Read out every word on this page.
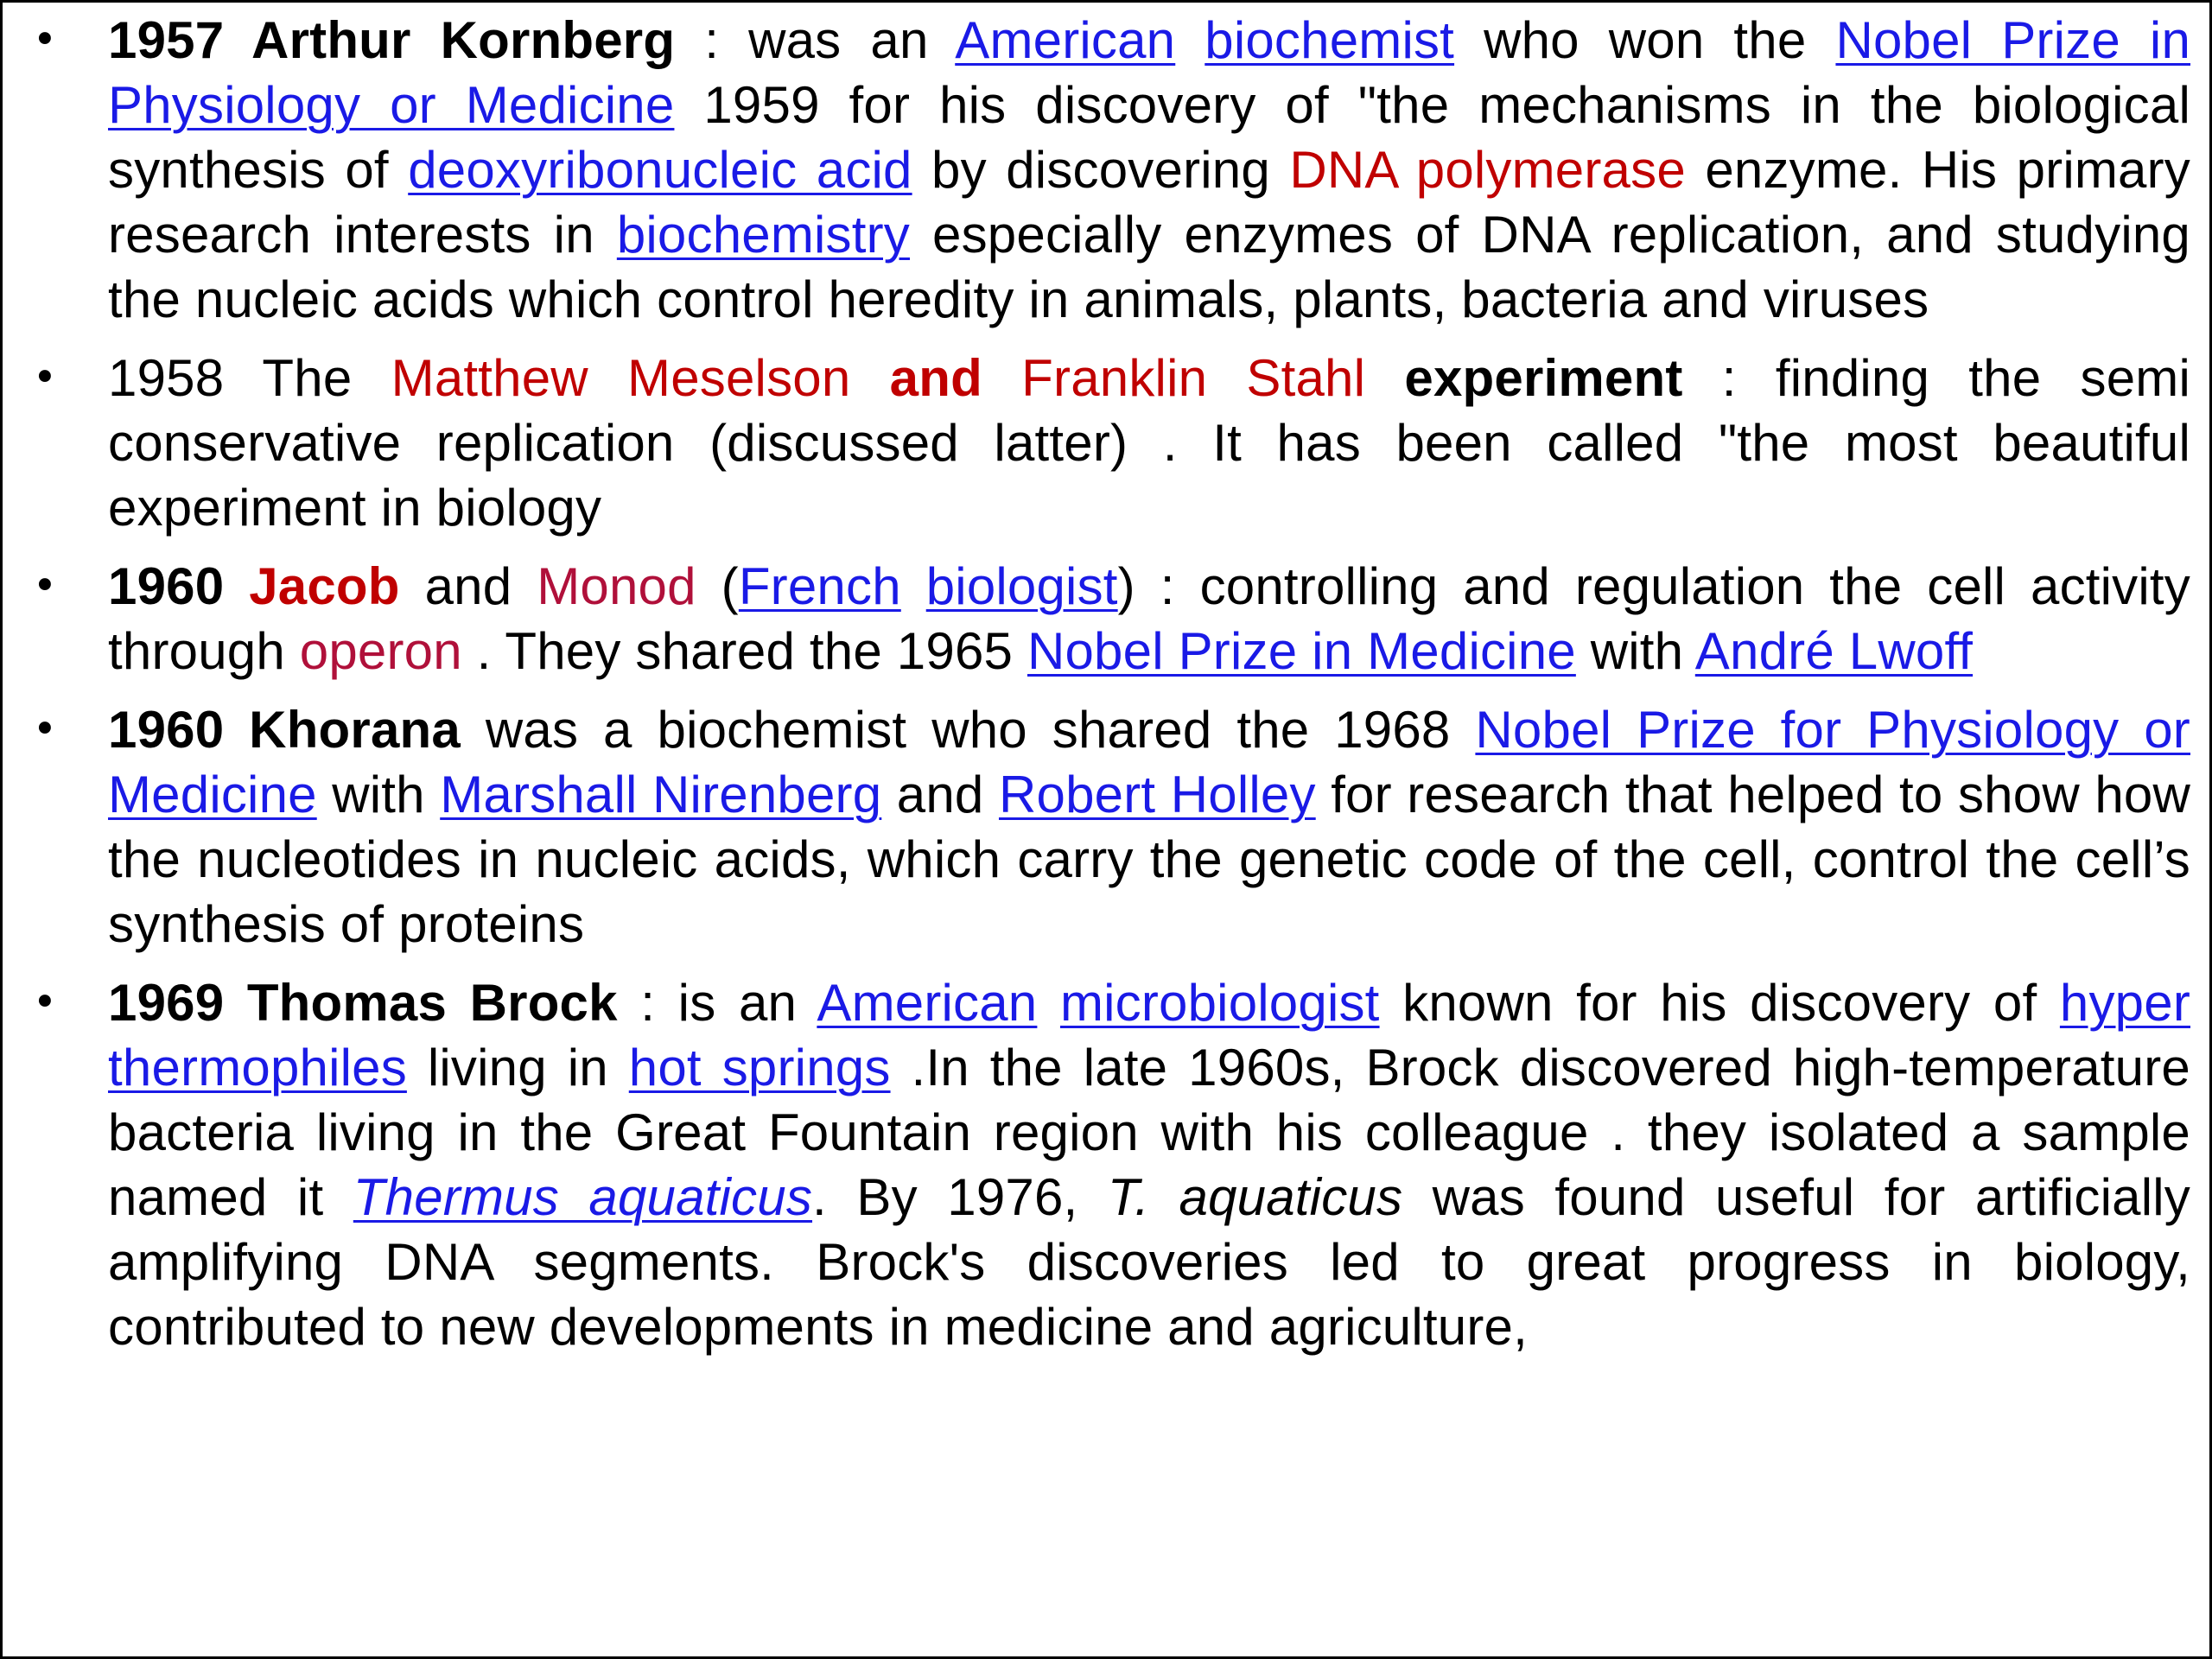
• 1957 Arthur Kornberg : was an American biochemist who won the Nobel Prize in Physiology or Medicine 1959 for his discovery of "the mechanisms in the biological synthesis of deoxyribonucleic acid by discovering DNA polymerase enzyme. His primary research interests in biochemistry especially enzymes of DNA replication, and studying the nucleic acids which control heredity in animals, plants, bacteria and viruses
• 1958 The Matthew Meselson and Franklin Stahl experiment : finding the semi conservative replication (discussed latter) . It has been called "the most beautiful experiment in biology
• 1960 Jacob and Monod (French biologist) : controlling and regulation the cell activity through operon . They shared the 1965 Nobel Prize in Medicine with André Lwoff
• 1960 Khorana was a biochemist who shared the 1968 Nobel Prize for Physiology or Medicine with Marshall Nirenberg and Robert Holley for research that helped to show how the nucleotides in nucleic acids, which carry the genetic code of the cell, control the cell’s synthesis of proteins
• 1969 Thomas Brock : is an American microbiologist known for his discovery of hyper thermophiles living in hot springs .In the late 1960s, Brock discovered high-temperature bacteria living in the Great Fountain region with his colleague . they isolated a sample named it Thermus aquaticus. By 1976, T. aquaticus was found useful for artificially amplifying DNA segments. Brock's discoveries led to great progress in biology, contributed to new developments in medicine and agriculture,
